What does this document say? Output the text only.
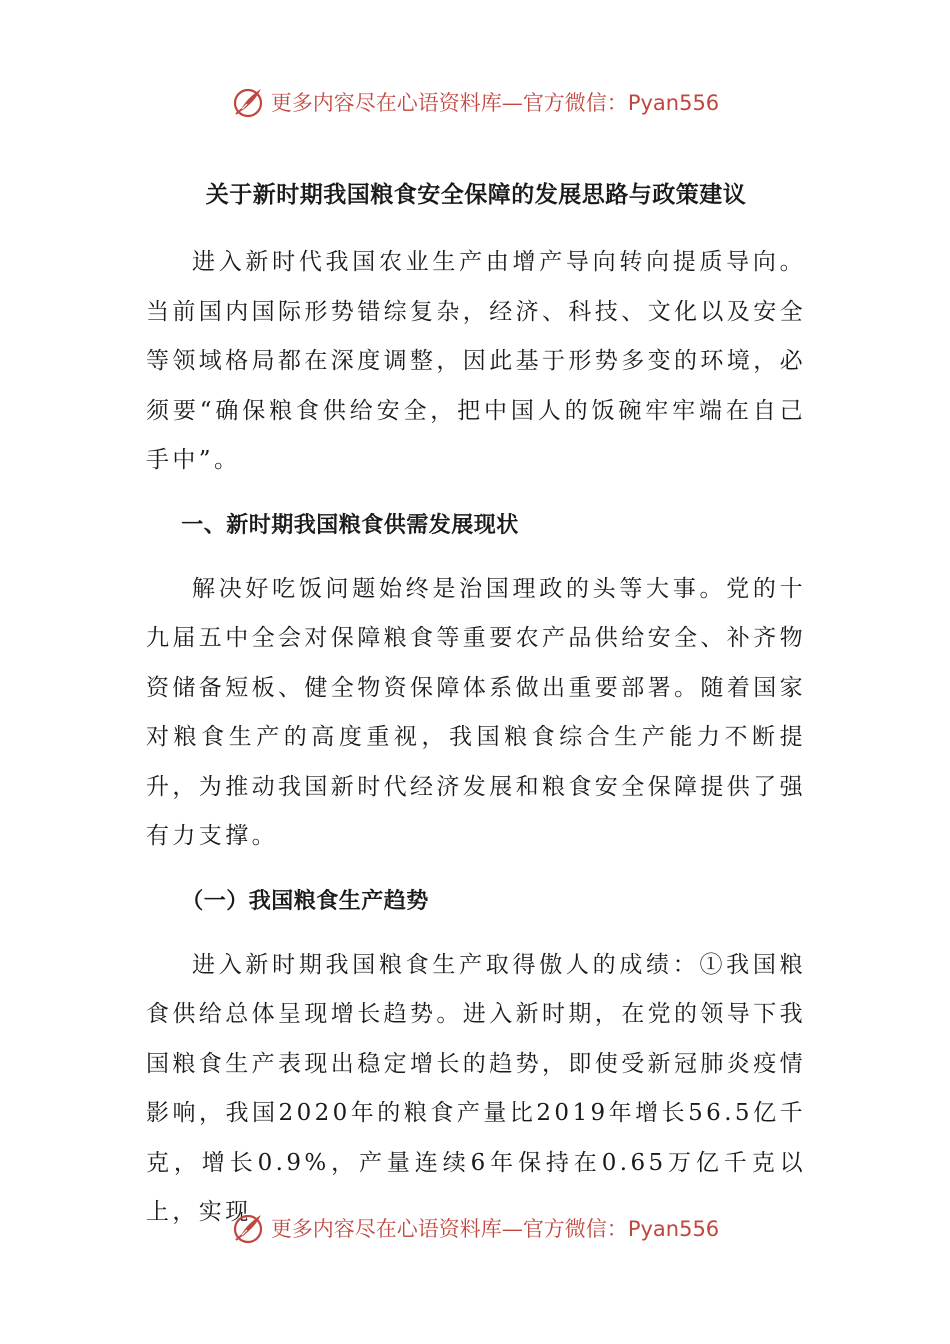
更多内容尽在心语资料库—官方微信：Pyan556
关于新时期我国粮食安全保障的发展思路与政策建议

进入新时代我国农业生产由增产导向转向提质导向。当前国内国际形势错综复杂，经济、科技、文化以及安全等领域格局都在深度调整，因此基于形势多变的环境，必须要“确保粮食供给安全，把中国人的饭碗牢牢端在自己手中”。

一、新时期我国粮食供需发展现状

解决好吃饭问题始终是治国理政的头等大事。党的十九届五中全会对保障粮食等重要农产品供给安全、补齐物资储备短板、健全物资保障体系做出重要部署。随着国家对粮食生产的高度重视，我国粮食综合生产能力不断提升，为推动我国新时代经济发展和粮食安全保障提供了强有力支撑。

（一）我国粮食生产趋势

进入新时期我国粮食生产取得傲人的成绩：①我国粮食供给总体呈现增长趋势。进入新时期，在党的领导下我国粮食生产表现出稳定增长的趋势，即使受新冠肺炎疫情影响，我国2020年的粮食产量比2019年增长56.5亿千克，增长0.9%，产量连续6年保持在0.65万亿千克以上，实现

更多内容尽在心语资料库—官方微信：Pyan556
